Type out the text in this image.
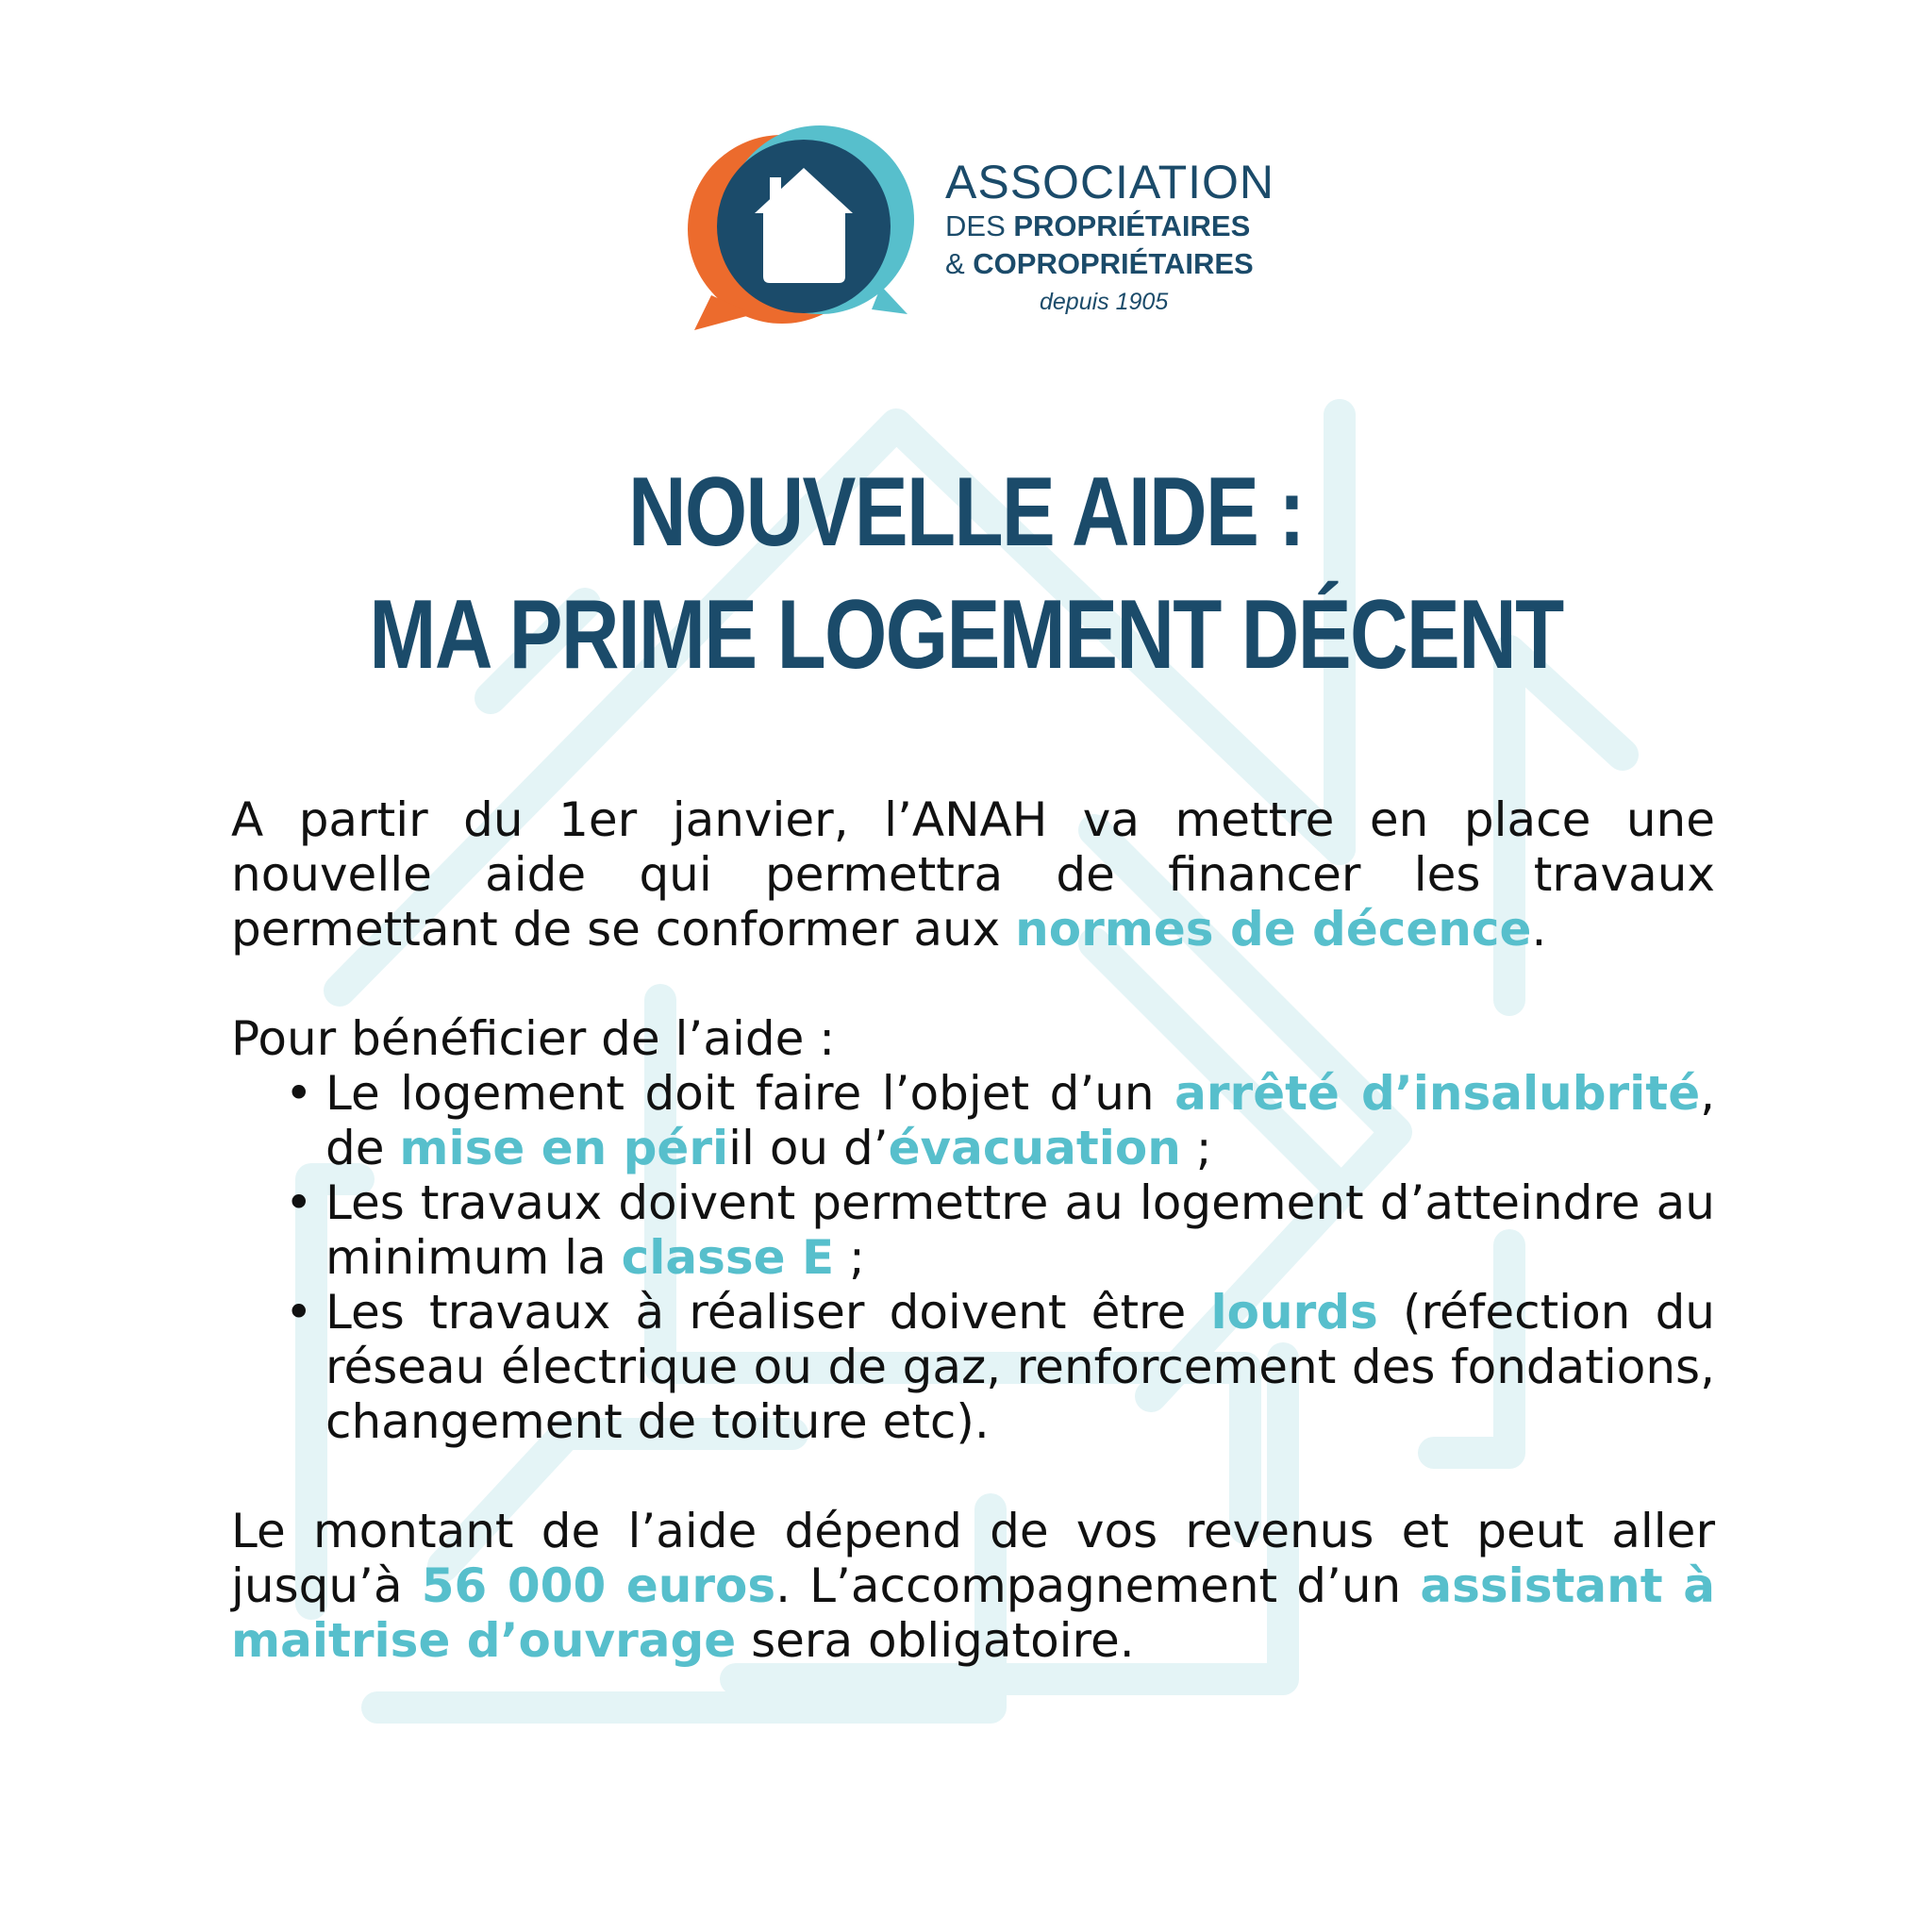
ASSOCIATION
DES PROPRIÉTAIRES
& COPROPRIÉTAIRES
depuis 1905
NOUVELLE AIDE :
MA PRIME LOGEMENT DÉCENT

A partir du 1er janvier, l’ANAH va mettre en place une nouvelle aide qui permettra de financer les travaux permettant de se conformer aux normes de décence.

Pour bénéficier de l’aide :

• Le logement doit faire l’objet d’un arrêté d’insalubrité, de mise en périil ou d’évacuation ;
• Les travaux doivent permettre au logement d’atteindre au minimum la classe E ;
• Les travaux à réaliser doivent être lourds (réfection du réseau électrique ou de gaz, renforcement des fondations, changement de toiture etc).

Le montant de l’aide dépend de vos revenus et peut aller jusqu’à 56 000 euros. L’accompagnement d’un assistant à maitrise d’ouvrage sera obligatoire.
